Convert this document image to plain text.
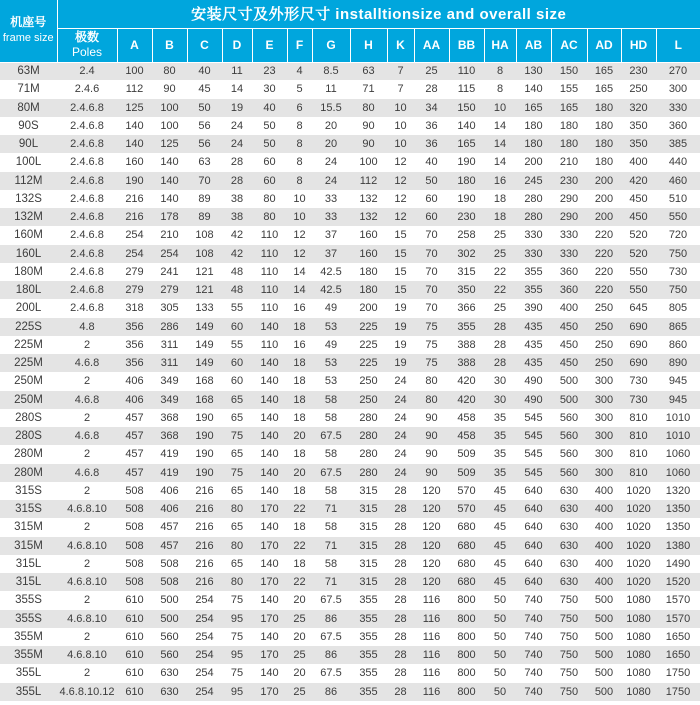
机座号
frame size	安装尺寸及外形尺寸 installtionsize and overall size																	
	极数
Poles	A	B	C	D	E	F	G	H	K	AA	BB	HA	AB	AC	AD	HD	L
63M	2.4	100	80	40	11	23	4	8.5	63	7	25	110	8	130	150	165	230	270
71M	2.4.6	112	90	45	14	30	5	11	71	7	28	115	8	140	155	165	250	300
80M	2.4.6.8	125	100	50	19	40	6	15.5	80	10	34	150	10	165	165	180	320	330
90S	2.4.6.8	140	100	56	24	50	8	20	90	10	36	140	14	180	180	180	350	360
90L	2.4.6.8	140	125	56	24	50	8	20	90	10	36	165	14	180	180	180	350	385
100L	2.4.6.8	160	140	63	28	60	8	24	100	12	40	190	14	200	210	180	400	440
112M	2.4.6.8	190	140	70	28	60	8	24	112	12	50	180	16	245	230	200	420	460
132S	2.4.6.8	216	140	89	38	80	10	33	132	12	60	190	18	280	290	200	450	510
132M	2.4.6.8	216	178	89	38	80	10	33	132	12	60	230	18	280	290	200	450	550
160M	2.4.6.8	254	210	108	42	110	12	37	160	15	70	258	25	330	330	220	520	720
160L	2.4.6.8	254	254	108	42	110	12	37	160	15	70	302	25	330	330	220	520	750
180M	2.4.6.8	279	241	121	48	110	14	42.5	180	15	70	315	22	355	360	220	550	730
180L	2.4.6.8	279	279	121	48	110	14	42.5	180	15	70	350	22	355	360	220	550	750
200L	2.4.6.8	318	305	133	55	110	16	49	200	19	70	366	25	390	400	250	645	805
225S	4.8	356	286	149	60	140	18	53	225	19	75	355	28	435	450	250	690	865
225M	2	356	311	149	55	110	16	49	225	19	75	388	28	435	450	250	690	860
225M	4.6.8	356	311	149	60	140	18	53	225	19	75	388	28	435	450	250	690	890
250M	2	406	349	168	60	140	18	53	250	24	80	420	30	490	500	300	730	945
250M	4.6.8	406	349	168	65	140	18	58	250	24	80	420	30	490	500	300	730	945
280S	2	457	368	190	65	140	18	58	280	24	90	458	35	545	560	300	810	1010
280S	4.6.8	457	368	190	75	140	20	67.5	280	24	90	458	35	545	560	300	810	1010
280M	2	457	419	190	65	140	18	58	280	24	90	509	35	545	560	300	810	1060
280M	4.6.8	457	419	190	75	140	20	67.5	280	24	90	509	35	545	560	300	810	1060
315S	2	508	406	216	65	140	18	58	315	28	120	570	45	640	630	400	1020	1320
315S	4.6.8.10	508	406	216	80	170	22	71	315	28	120	570	45	640	630	400	1020	1350
315M	2	508	457	216	65	140	18	58	315	28	120	680	45	640	630	400	1020	1350
315M	4.6.8.10	508	457	216	80	170	22	71	315	28	120	680	45	640	630	400	1020	1380
315L	2	508	508	216	65	140	18	58	315	28	120	680	45	640	630	400	1020	1490
315L	4.6.8.10	508	508	216	80	170	22	71	315	28	120	680	45	640	630	400	1020	1520
355S	2	610	500	254	75	140	20	67.5	355	28	116	800	50	740	750	500	1080	1570
355S	4.6.8.10	610	500	254	95	170	25	86	355	28	116	800	50	740	750	500	1080	1570
355M	2	610	560	254	75	140	20	67.5	355	28	116	800	50	740	750	500	1080	1650
355M	4.6.8.10	610	560	254	95	170	25	86	355	28	116	800	50	740	750	500	1080	1650
355L	2	610	630	254	75	140	20	67.5	355	28	116	800	50	740	750	500	1080	1750
355L	4.6.8.10.12	610	630	254	95	170	25	86	355	28	116	800	50	740	750	500	1080	1750
